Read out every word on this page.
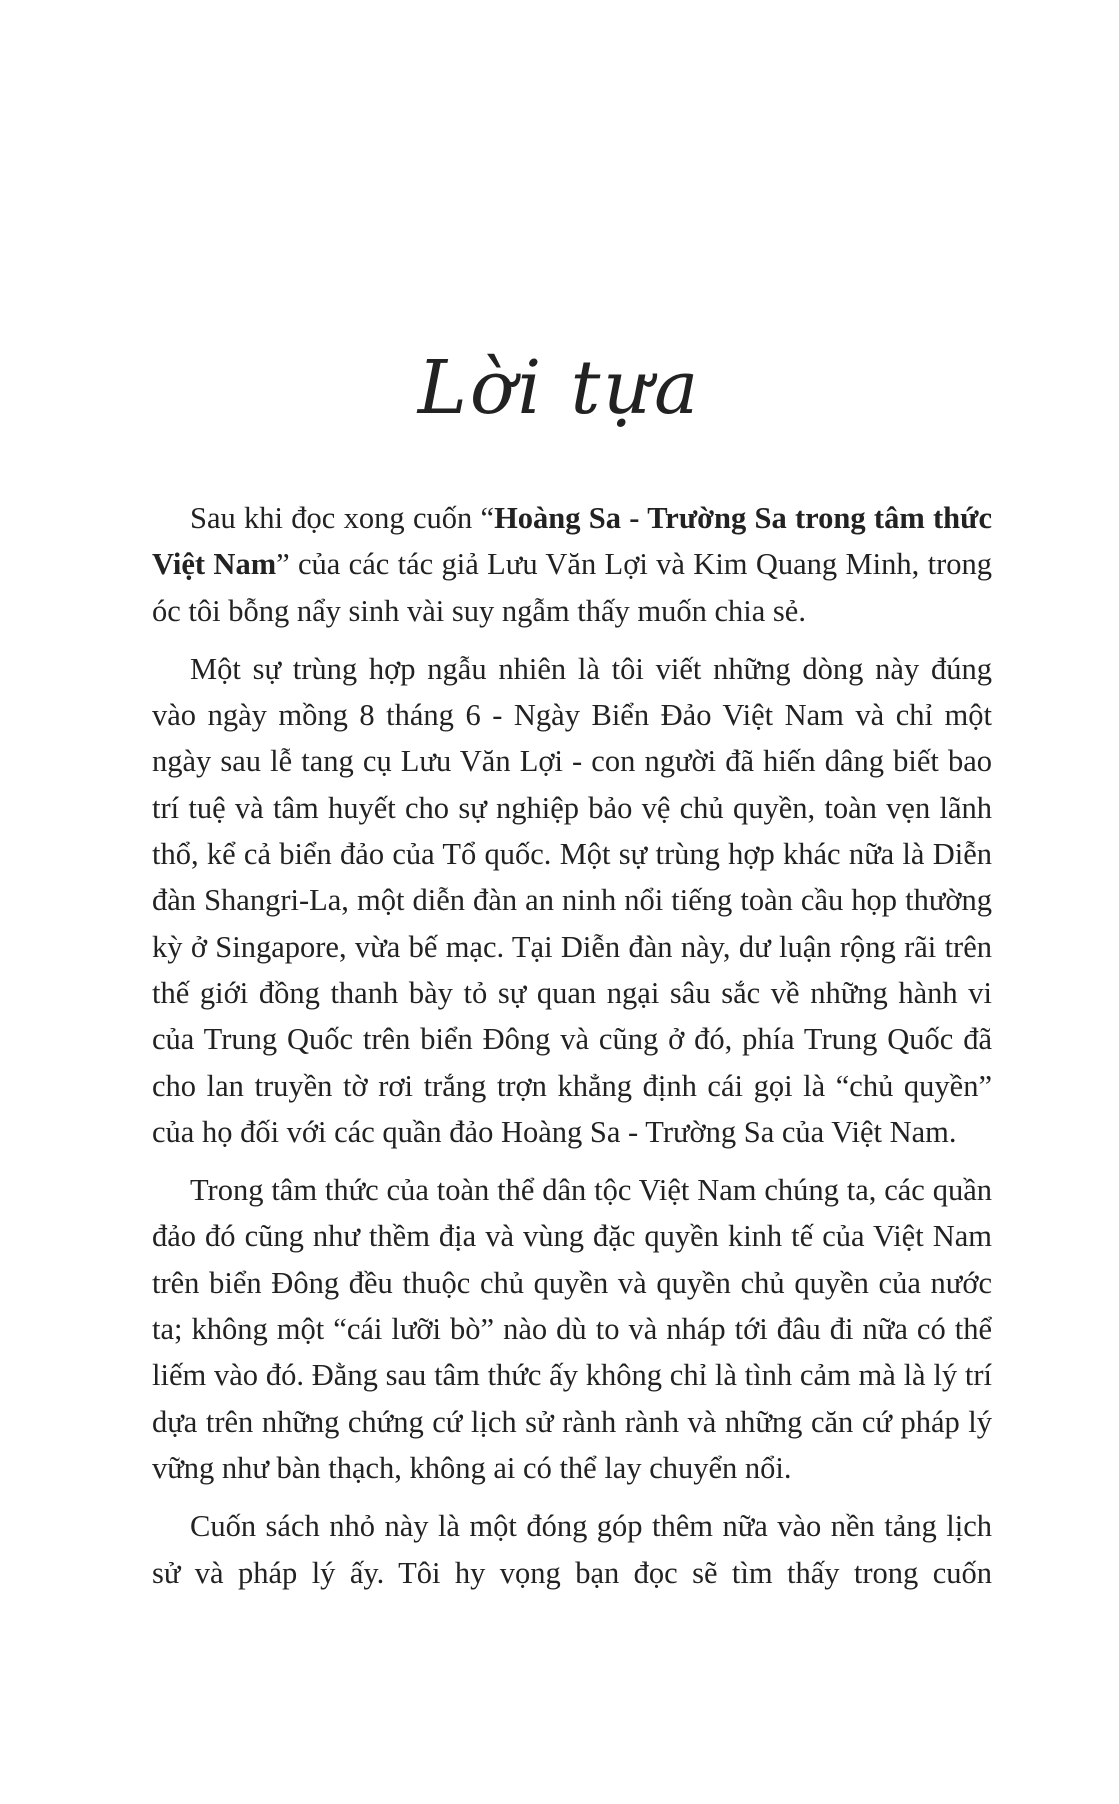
Lời tựa

Sau khi đọc xong cuốn “Hoàng Sa - Trường Sa trong tâm thức Việt Nam” của các tác giả Lưu Văn Lợi và Kim Quang Minh, trong óc tôi bỗng nẩy sinh vài suy ngẫm thấy muốn chia sẻ.

Một sự trùng hợp ngẫu nhiên là tôi viết những dòng này đúng vào ngày mồng 8 tháng 6 - Ngày Biển Đảo Việt Nam và chỉ một ngày sau lễ tang cụ Lưu Văn Lợi - con người đã hiến dâng biết bao trí tuệ và tâm huyết cho sự nghiệp bảo vệ chủ quyền, toàn vẹn lãnh thổ, kể cả biển đảo của Tổ quốc. Một sự trùng hợp khác nữa là Diễn đàn Shangri-La, một diễn đàn an ninh nổi tiếng toàn cầu họp thường kỳ ở Singapore, vừa bế mạc. Tại Diễn đàn này, dư luận rộng rãi trên thế giới đồng thanh bày tỏ sự quan ngại sâu sắc về những hành vi của Trung Quốc trên biển Đông và cũng ở đó, phía Trung Quốc đã cho lan truyền tờ rơi trắng trợn khẳng định cái gọi là “chủ quyền” của họ đối với các quần đảo Hoàng Sa - Trường Sa của Việt Nam.

Trong tâm thức của toàn thể dân tộc Việt Nam chúng ta, các quần đảo đó cũng như thềm địa và vùng đặc quyền kinh tế của Việt Nam trên biển Đông đều thuộc chủ quyền và quyền chủ quyền của nước ta; không một “cái lưỡi bò” nào dù to và nháp tới đâu đi nữa có thể liếm vào đó. Đằng sau tâm thức ấy không chỉ là tình cảm mà là lý trí dựa trên những chứng cứ lịch sử rành rành và những căn cứ pháp lý vững như bàn thạch, không ai có thể lay chuyển nổi.

Cuốn sách nhỏ này là một đóng góp thêm nữa vào nền tảng lịch sử và pháp lý ấy. Tôi hy vọng bạn đọc sẽ tìm thấy trong cuốn
